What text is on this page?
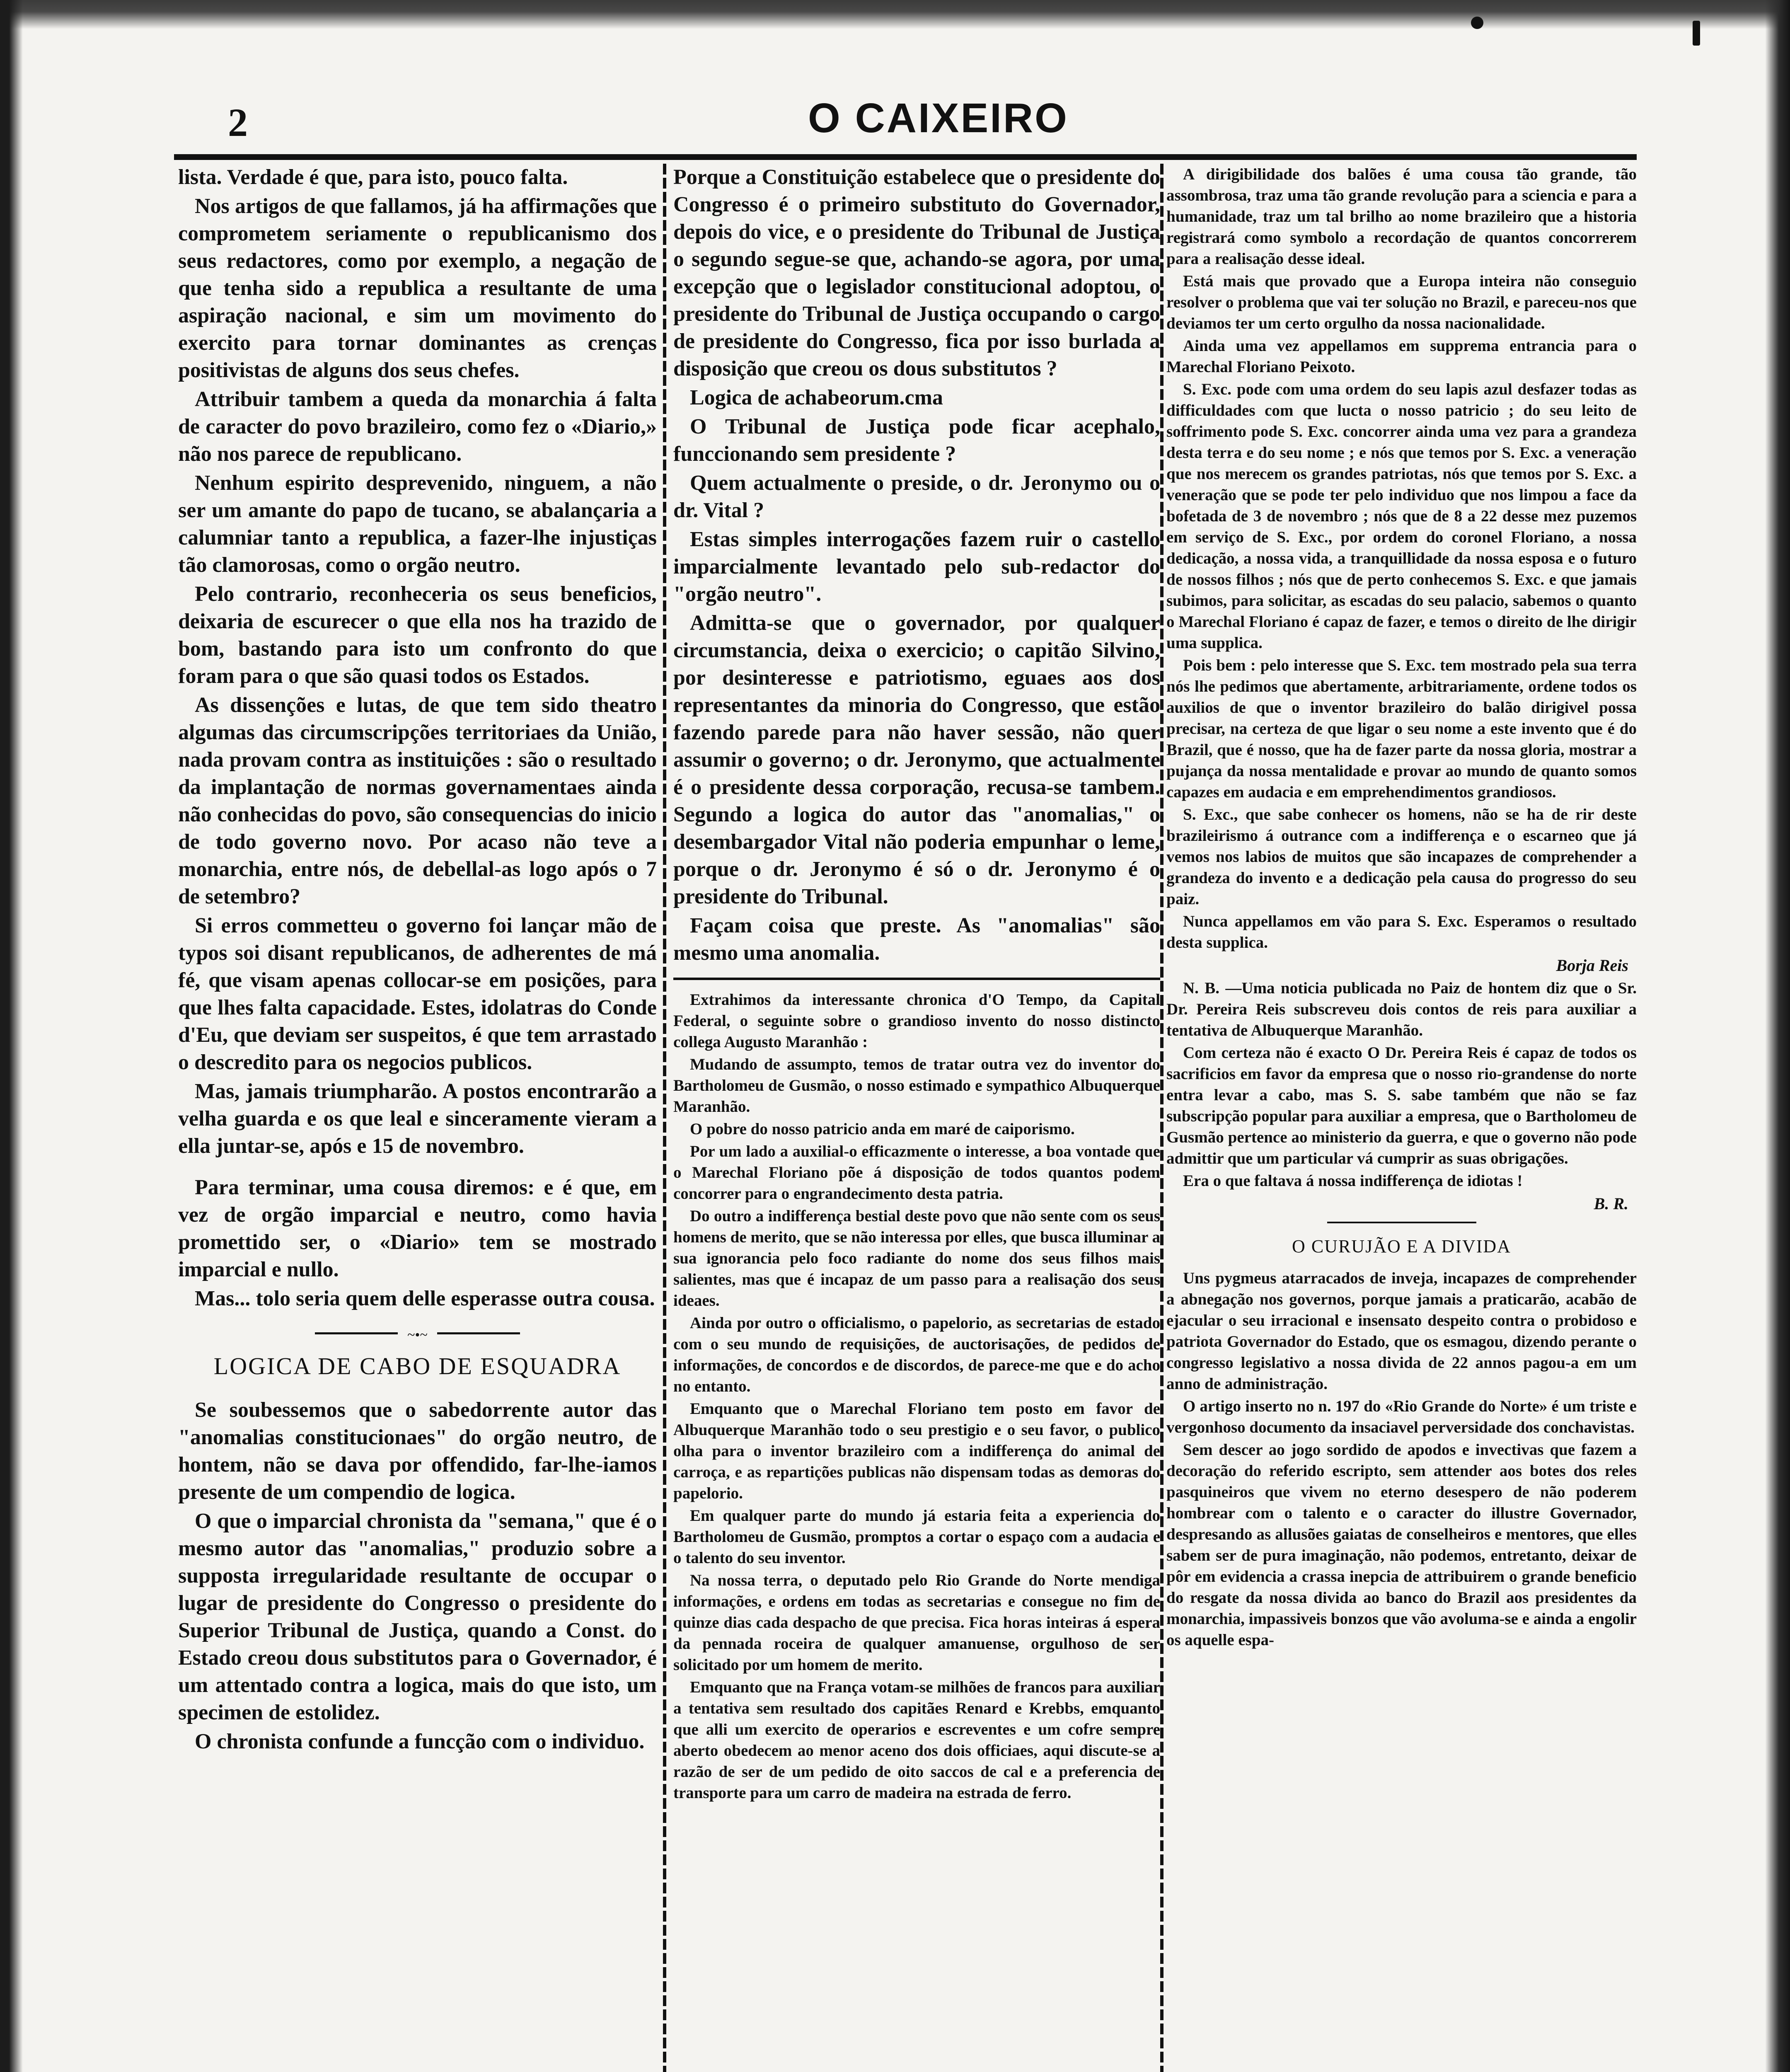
2	O CAIXEIRO

lista. Verdade é que, para isto, pouco falta.

Nos artigos de que fallamos, já ha affirmações que comprometem seriamente o republicanismo dos seus redactores, como por exemplo, a negação de que tenha sido a republica a resultante de uma aspiração nacional, e sim um movimento do exercito para tornar dominantes as crenças positivistas de alguns dos seus chefes.

Attribuir tambem a queda da monarchia á falta de caracter do povo brazileiro, como fez o «Diario,» não nos parece de republicano.

Nenhum espirito desprevenido, ninguem, a não ser um amante do papo de tucano, se abalançaria a calumniar tanto a republica, a fazer-lhe injustiças tão clamorosas, como o orgão neutro.

Pelo contrario, reconheceria os seus beneficios, deixaria de escurecer o que ella nos ha trazido de bom, bastando para isto um confronto do que foram para o que são quasi todos os Estados.

As dissenções e lutas, de que tem sido theatro algumas das circumscripções territoriaes da União, nada provam contra as instituições : são o resultado da implantação de normas governamentaes ainda não conhecidas do povo, são consequencias do inicio de todo governo novo. Por acaso não teve a monarchia, entre nós, de debellal-as logo após o 7 de setembro?

Si erros commetteu o governo foi lançar mão de typos soi disant republicanos, de adherentes de má fé, que visam apenas collocar-se em posições, para que lhes falta capacidade. Estes, idolatras do Conde d'Eu, que deviam ser suspeitos, é que tem arrastado o descredito para os negocios publicos.

Mas, jamais triumpharão. A postos encontrarão a velha guarda e os que leal e sinceramente vieram a ella juntar-se, após e 15 de novembro.

Para terminar, uma cousa diremos: e é que, em vez de orgão imparcial e neutro, como havia promettido ser, o «Diario» tem se mostrado imparcial e nullo.

Mas... tolo seria quem delle esperasse outra cousa.

~•~
LOGICA DE CABO DE ESQUADRA

Se soubessemos que o sabedorrente autor das "anomalias constitucionaes" do orgão neutro, de hontem, não se dava por offendido, far-lhe-iamos presente de um compendio de logica.

O que o imparcial chronista da "semana," que é o mesmo autor das "anomalias," produzio sobre a supposta irregularidade resultante de occupar o lugar de presidente do Congresso o presidente do Superior Tribunal de Justiça, quando a Const. do Estado creou dous substitutos para o Governador, é um attentado contra a logica, mais do que isto, um specimen de estolidez.

O chronista confunde a funcção com o individuo.

Porque a Constituição estabelece que o presidente do Congresso é o primeiro substituto do Governador, depois do vice, e o presidente do Tribunal de Justiça o segundo segue-se que, achando-se agora, por uma excepção que o legislador constitucional adoptou, o presidente do Tribunal de Justiça occupando o cargo de presidente do Congresso, fica por isso burlada a disposição que creou os dous substitutos ?

Logica de achabeorum.cma

O Tribunal de Justiça pode ficar acephalo, funccionando sem presidente ?

Quem actualmente o preside, o dr. Jeronymo ou o dr. Vital ?

Estas simples interrogações fazem ruir o castello imparcialmente levantado pelo sub-redactor do "orgão neutro".

Admitta-se que o governador, por qualquer circumstancia, deixa o exercicio; o capitão Silvino, por desinteresse e patriotismo, eguaes aos dos representantes da minoria do Congresso, que estão fazendo parede para não haver sessão, não quer assumir o governo; o dr. Jeronymo, que actualmente é o presidente dessa corporação, recusa-se tambem. Segundo a logica do autor das "anomalias," o desembargador Vital não poderia empunhar o leme, porque o dr. Jeronymo é só o dr. Jeronymo é o presidente do Tribunal.

Façam coisa que preste. As "anomalias" são mesmo uma anomalia.

Extrahimos da interessante chronica d'O Tempo, da Capital Federal, o seguinte sobre o grandioso invento do nosso distincto collega Augusto Maranhão :

Mudando de assumpto, temos de tratar outra vez do inventor do Bartholomeu de Gusmão, o nosso estimado e sympathico Albuquerque Maranhão.

O pobre do nosso patricio anda em maré de caiporismo.

Por um lado a auxilial-o efficazmente o interesse, a boa vontade que o Marechal Floriano põe á disposição de todos quantos podem concorrer para o engrandecimento desta patria.

Do outro a indifferença bestial deste povo que não sente com os seus homens de merito, que se não interessa por elles, que busca illuminar a sua ignorancia pelo foco radiante do nome dos seus filhos mais salientes, mas que é incapaz de um passo para a realisação dos seus ideaes.

Ainda por outro o officialismo, o papelorio, as secretarias de estado com o seu mundo de requisições, de auctorisações, de pedidos de informações, de concordos e de discordos, de parece-me que e do acho no entanto.

Emquanto que o Marechal Floriano tem posto em favor de Albuquerque Maranhão todo o seu prestigio e o seu favor, o publico olha para o inventor brazileiro com a indifferença do animal de carroça, e as repartições publicas não dispensam todas as demoras do papelorio.

Em qualquer parte do mundo já estaria feita a experiencia do Bartholomeu de Gusmão, promptos a cortar o espaço com a audacia e o talento do seu inventor.

Na nossa terra, o deputado pelo Rio Grande do Norte mendiga informações, e ordens em todas as secretarias e consegue no fim de quinze dias cada despacho de que precisa. Fica horas inteiras á espera da pennada roceira de qualquer amanuense, orgulhoso de ser solicitado por um homem de merito.

Emquanto que na França votam-se milhões de francos para auxiliar a tentativa sem resultado dos capitães Renard e Krebbs, emquanto que alli um exercito de operarios e escreventes e um cofre sempre aberto obedecem ao menor aceno dos dois officiaes, aqui discute-se a razão de ser de um pedido de oito saccos de cal e a preferencia de transporte para um carro de madeira na estrada de ferro.

A dirigibilidade dos balões é uma cousa tão grande, tão assombrosa, traz uma tão grande revolução para a sciencia e para a humanidade, traz um tal brilho ao nome brazileiro que a historia registrará como symbolo a recordação de quantos concorrerem para a realisação desse ideal.

Está mais que provado que a Europa inteira não conseguio resolver o problema que vai ter solução no Brazil, e pareceu-nos que deviamos ter um certo orgulho da nossa nacionalidade.

Ainda uma vez appellamos em supprema entrancia para o Marechal Floriano Peixoto.

S. Exc. pode com uma ordem do seu lapis azul desfazer todas as difficuldades com que lucta o nosso patricio ; do seu leito de soffrimento pode S. Exc. concorrer ainda uma vez para a grandeza desta terra e do seu nome ; e nós que temos por S. Exc. a veneração que nos merecem os grandes patriotas, nós que temos por S. Exc. a veneração que se pode ter pelo individuo que nos limpou a face da bofetada de 3 de novembro ; nós que de 8 a 22 desse mez puzemos em serviço de S. Exc., por ordem do coronel Floriano, a nossa dedicação, a nossa vida, a tranquillidade da nossa esposa e o futuro de nossos filhos ; nós que de perto conhecemos S. Exc. e que jamais subimos, para solicitar, as escadas do seu palacio, sabemos o quanto o Marechal Floriano é capaz de fazer, e temos o direito de lhe dirigir uma supplica.

Pois bem : pelo interesse que S. Exc. tem mostrado pela sua terra nós lhe pedimos que abertamente, arbitrariamente, ordene todos os auxilios de que o inventor brazileiro do balão dirigivel possa precisar, na certeza de que ligar o seu nome a este invento que é do Brazil, que é nosso, que ha de fazer parte da nossa gloria, mostrar a pujança da nossa mentalidade e provar ao mundo de quanto somos capazes em audacia e em emprehendimentos grandiosos.

S. Exc., que sabe conhecer os homens, não se ha de rir deste brazileirismo á outrance com a indifferença e o escarneo que já vemos nos labios de muitos que são incapazes de comprehender a grandeza do invento e a dedicação pela causa do progresso do seu paiz.

Nunca appellamos em vão para S. Exc. Esperamos o resultado desta supplica.

Borja Reis

N. B. —Uma noticia publicada no Paiz de hontem diz que o Sr. Dr. Pereira Reis subscreveu dois contos de reis para auxiliar a tentativa de Albuquerque Maranhão.

Com certeza não é exacto O Dr. Pereira Reis é capaz de todos os sacrificios em favor da empresa que o nosso rio-grandense do norte entra levar a cabo, mas S. S. sabe também que não se faz subscripção popular para auxiliar a empresa, que o Bartholomeu de Gusmão pertence ao ministerio da guerra, e que o governo não pode admittir que um particular vá cumprir as suas obrigações.

Era o que faltava á nossa indifferença de idiotas !

B. R.
O CURUJÃO E A DIVIDA

Uns pygmeus atarracados de inveja, incapazes de comprehender a abnegação nos governos, porque jamais a praticarão, acabão de ejacular o seu irracional e insensato despeito contra o probidoso e patriota Governador do Estado, que os esmagou, dizendo perante o congresso legislativo a nossa divida de 22 annos pagou-a em um anno de administração.

O artigo inserto no n. 197 do «Rio Grande do Norte» é um triste e vergonhoso documento da insaciavel perversidade dos conchavistas.

Sem descer ao jogo sordido de apodos e invectivas que fazem a decoração do referido escripto, sem attender aos botes dos reles pasquineiros que vivem no eterno desespero de não poderem hombrear com o talento e o caracter do illustre Governador, despresando as allusões gaiatas de conselheiros e mentores, que elles sabem ser de pura imaginação, não podemos, entretanto, deixar de pôr em evidencia a crassa inepcia de attribuirem o grande beneficio do resgate da nossa divida ao banco do Brazil aos presidentes da monarchia, impassiveis bonzos que vão avoluma-se e ainda a engolir os aquelle espa-
